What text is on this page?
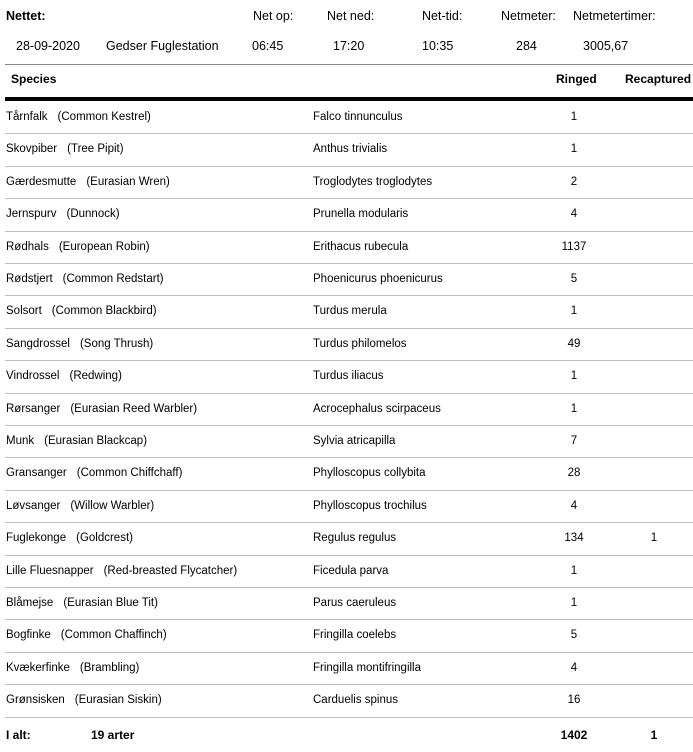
Nettet:	Net op:	Net ned:	Net-tid:	Netmeter: Netmetertimer:
28-09-2020 Gedser Fuglestation	06:45	17:20	10:35	284	3005,67
Species	Ringed Recaptured
Tårnfalk (Common Kestrel)	Falco tinnunculus	1
Skovpiber (Tree Pipit)	Anthus trivialis	1
Gærdesmutte (Eurasian Wren)	Troglodytes troglodytes	2
Jernspurv (Dunnock)	Prunella modularis	4
Rødhals (European Robin)	Erithacus rubecula	1137
Rødstjert (Common Redstart)	Phoenicurus phoenicurus	5
Solsort (Common Blackbird)	Turdus merula	1
Sangdrossel (Song Thrush)	Turdus philomelos	49
Vindrossel (Redwing)	Turdus iliacus	1
Rørsanger (Eurasian Reed Warbler)	Acrocephalus scirpaceus	1
Munk (Eurasian Blackcap)	Sylvia atricapilla	7
Gransanger (Common Chiffchaff)	Phylloscopus collybita	28
Løvsanger (Willow Warbler)	Phylloscopus trochilus	4
Fuglekonge (Goldcrest)	Regulus regulus	134	1
Lille Fluesnapper (Red-breasted Flycatcher)	Ficedula parva	1
Blåmejse (Eurasian Blue Tit)	Parus caeruleus	1
Bogfinke (Common Chaffinch)	Fringilla coelebs	5
Kvækerfinke (Brambling)	Fringilla montifringilla	4
Grønsisken (Eurasian Siskin)	Carduelis spinus	16
I alt:	19 arter	1402	1
